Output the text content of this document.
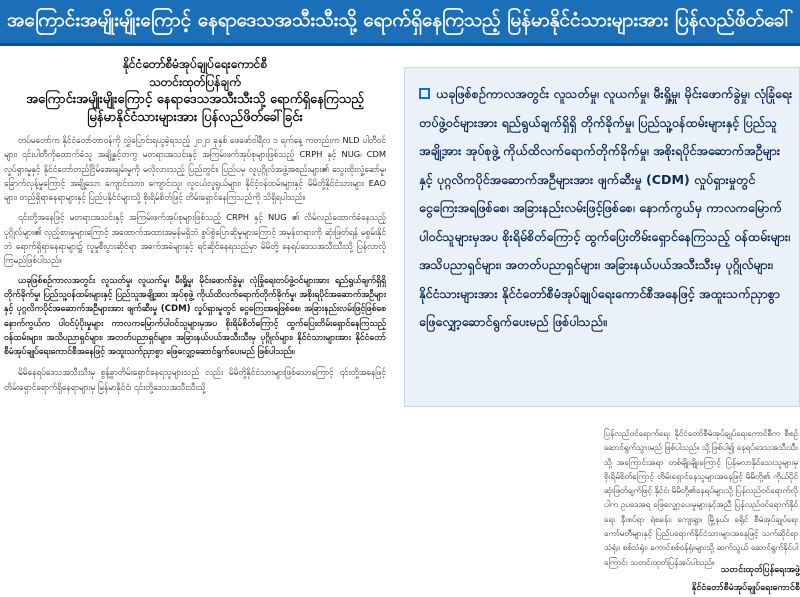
အကြောင်းအမျိုးမျိုးကြောင့် နေရာဒေသအသီးသီးသို့ ရောက်ရှိနေကြသည့် မြန်မာနိုင်ငံသားများအား ပြန်လည်ဖိတ်ခေါ်
နိုင်ငံတော်စီမံအုပ်ချုပ်ရေးကောင်စီ
သတင်းထုတ်ပြန်ချက်
အကြောင်းအမျိုးမျိုးကြောင့် နေရာဒေသအသီးသီးသို့ ရောက်ရှိနေကြသည့်
မြန်မာနိုင်ငံသားများအား ပြန်လည်ဖိတ်ခေါ်ခြင်း

တပ်မတော်က နိုင်ငံတော်တာဝန်ကို လွှဲပြောင်းရယူခဲ့ရသည့် ၂၀၂၁ ခုနှစ် ဖေဖော်ဝါရီလ ၁ ရက်နေ့ ကတည်းက NLD ပါတီဝင်များ၊ ၎င်းပါတီကိုထောက်ခံသူ အချို့နှင့်တကွ မတရားအသင်းနှင့် အကြမ်းဖက်အုပ်စုများဖြစ်သည့် CRPH နှင့် NUG၊ CDM လှုပ်ရှားမှုနှင့် နိုင်ငံတော်တည်ငြိမ်အေးချမ်းမှုကို မလိုလားသည့် ပြည်တွင်း၊ ပြည်ပမှ လူပုဂ္ဂိုလ်အဖွဲ့အစည်းများ၏ သွေးထိုးလှုံ့ဆော်မှု၊ ခြောက်လှန့်မှုကြောင့် အချို့သော ကျောင်းသား၊ ကျောင်းသူ၊ လူငယ်လူရွယ်များ၊ နိုင်ငံ့ဝန်ထမ်းများနှင့် မိမိတို့နိုင်ငံသားများ EAO များ၊ တည်ရှိရာနေရာများနှင့် ပြည်ပနိုင်ငံများသို့ စိုးရိမ်စိတ်ဖြင့် တိမ်းရှောင်နေကြသည်ကို သိရှိရပါသည်။

၎င်းတို့အနေဖြင့် မတရားအသင်းနှင့် အကြမ်းဖက်အုပ်စုများဖြစ်သည့် CRPH နှင့် NUG ၏ လိမ်လည်ထောက်ခံနေသည့် ပုဂ္ဂိုလ်များ၏ လှည့်စားမှုများကြောင့် အထောက်အထားအမှန်မရှိဘဲ စွပ်စွဲပြောဆိုမှုများကြောင့် အမှန်တရားကို ဆုံးဖြတ်ရန် မစွမ်းနိုင်ဘဲ ရောက်ရှိရာနေရာများ၌ လူမှုစီးပွားဆိုင်ရာ အခက်အခဲများနှင့် ရင်ဆိုင်နေရသည်မှာ မိမိတို့ နေရပ်ဒေသအသီးသီးသို့ ပြန်လာလိုကြမည်ဖြစ်ပါသည်။

ယခုဖြစ်စဉ်ကာလအတွင်း လူသတ်မှု၊ လူယက်မှု၊ မီးရှို့မှု၊ မိုင်းဖောက်ခွဲမှု၊ လုံခြုံရေးတပ်ဖွဲ့ဝင်များအား ရည်ရွယ်ချက်ရှိရှိ တိုက်ခိုက်မှု၊ ပြည်သူ့ဝန်ထမ်းများနှင့် ပြည်သူအချို့အား အုပ်စုဖွဲ့ ကိုယ်ထိလက်ရောက်တိုက်ခိုက်မှု၊ အစိုးရပိုင်အဆောက်အဦများနှင့် ပုဂ္ဂလိကပိုင်အဆောက်အဦများအား ဖျက်ဆီးမှု (CDM) လှုပ်ရှားမှုတွင် ငွေကြေးအရဖြစ်စေ၊ အခြားနည်းလမ်းဖြင့်ဖြစ်စေ နောက်ကွယ်က ပါဝင်ပံ့ပိုးမှုများ ကာလကမြောက်ပါဝင်သူများမှအပ စိုးရိမ်စိတ်ကြောင့် ထွက်ပြေးတိမ်းရှောင်နေကြသည့် ဝန်ထမ်းများ၊ အသိပညာရှင်များ၊ အတတ်ပညာရှင်များ၊ အခြားနယ်ပယ်အသီးသီးမှ ပုဂ္ဂိုလ်များ၊ နိုင်ငံသားများအား နိုင်ငံတော်စီမံအုပ်ချုပ်ရေးကောင်စီအနေဖြင့် အထူးသက်ညှာစွာ ဖြေလျှော့ဆောင်ရွက်ပေးမည် ဖြစ်ပါသည်။

မိမိနေရပ်ဒေသအသီးသီးမှ စွန့်ခွာတိမ်းရှောင်နေရသူများသည် လည်း မိမိတို့နိုင်ငံသားများဖြစ်သောကြောင့် ၎င်းတို့အနေဖြင့် တိမ်းရှောင်ရောက်ရှိနေရာများမှ မြန်မာနိုင်ငံ၊ ၎င်းတို့ဒေသအသီးသီးသို့

ယခုဖြစ်စဉ်ကာလအတွင်း လူသတ်မှု၊ လူယက်မှု၊ မီးရှို့မှု၊ မိုင်းဖောက်ခွဲမှု၊ လုံခြုံရေးတပ်ဖွဲ့ဝင်များအား ရည်ရွယ်ချက်ရှိရှိ တိုက်ခိုက်မှု၊ ပြည်သူ့ဝန်ထမ်းများနှင့် ပြည်သူအချို့အား အုပ်စုဖွဲ့ ကိုယ်ထိလက်ရောက်တိုက်ခိုက်မှု၊ အစိုးရပိုင်အဆောက်အဦများနှင့် ပုဂ္ဂလိကပိုင်အဆောက်အဦများအား ဖျက်ဆီးမှု (CDM) လှုပ်ရှားမှုတွင် ငွေကြေးအရဖြစ်စေ၊ အခြားနည်းလမ်းဖြင့်ဖြစ်စေ၊ နောက်ကွယ်မှ ကာလကမြောက်ပါဝင်သူများမှအပ စိုးရိမ်စိတ်ကြောင့် ထွက်ပြေးတိမ်းရှောင်နေကြသည့် ဝန်ထမ်းများ၊ အသိပညာရှင်များ၊ အတတ်ပညာရှင်များ၊ အခြားနယ်ပယ်အသီးသီးမှ ပုဂ္ဂိုလ်များ၊ နိုင်ငံသားများအား နိုင်ငံတော်စီမံအုပ်ချုပ်ရေးကောင်စီအနေဖြင့် အထူးသက်ညှာစွာ ဖြေလျှော့ဆောင်ရွက်ပေးမည် ဖြစ်ပါသည်။

ပြန်လည်ဝင်ရောက်ရေး နိုင်ငံတော်စီမံအုပ်ချုပ်ရေးကောင်စီက စီစဉ်ဆောင်ရွက်သွားမည် ဖြစ်ပါသည်။ သို့ဖြစ်ပါ၍ နေရပ်ဒေသအသီးသီးသို့ အကြောင်းအရာ တစ်မျိုးမျိုးကြောင့် ပြန်မလာနိုင်သေးသူများမှ စိုးရိမ်စိတ်ကြောင့် တိမ်းရှောင်နေသူများအနေဖြင့် မိမိတို့၏ ကိုယ်ပိုင်ဆုံးဖြတ်ချက်ဖြင့် နိုင်ငံ၊ မိမိတို့၏နေရပ်များသို့ ပြန်လည်ဝင်ရောက်လိုပါက ဥပဒေအရ ဖြေလျှော့ပေးမှုများနှင့်အညီ ပြန်လည်ဝင်ရောက်နိုင်ရေး နီးစပ်ရာ ရဲစခန်း၊ ကျေးရွာ၊ မြို့နယ်၊ ခရိုင် စီမံအုပ်ချုပ်ရေးကော်မတီများနှင့် ပြည်ပရောက်နိုင်ငံသားများအနေဖြင့် သက်ဆိုင်ရာ သံရုံး၊ စစ်သံရုံး၊ ကောင်စစ်ဝန်ရုံးများသို့ ဆက်သွယ် ဆောင်ရွက်နိုင်ပါကြောင်း သတင်းထုတ်ပြန်အပ်ပါသည်။

သတင်းထုတ်ပြန်ရေးအဖွဲ့
နိုင်ငံတော်စီမံအုပ်ချုပ်ရေးကောင်စီ
